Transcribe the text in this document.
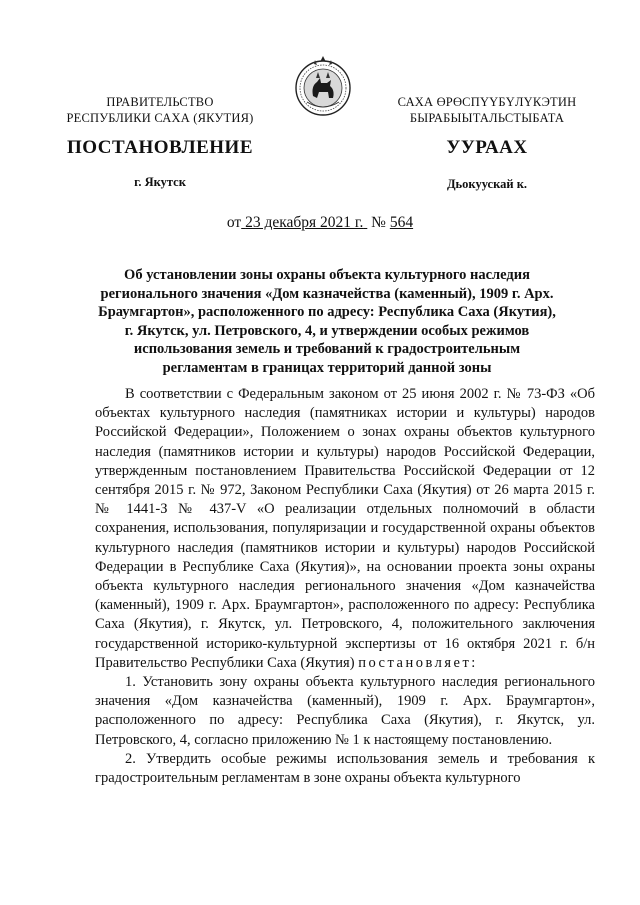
ПРАВИТЕЛЬСТВО
РЕСПУБЛИКИ САХА (ЯКУТИЯ)
САХА ӨРӨСПҮҮБҮЛҮКЭТИН
БЫРАБЫЫТАЛЬСТЫБАТА
ПОСТАНОВЛЕНИЕ	УУРААХ
г. Якутск	Дьокуускай к.
от 23 декабря 2021 г. № 564
Об установлении зоны охраны объекта культурного наследия регионального значения «Дом казначейства (каменный), 1909 г. Арх. Браумгартон», расположенного по адресу: Республика Саха (Якутия), г. Якутск, ул. Петровского, 4, и утверждении особых режимов использования земель и требований к градостроительным регламентам в границах территорий данной зоны

В соответствии с Федеральным законом от 25 июня 2002 г. № 73-ФЗ «Об объектах культурного наследия (памятниках истории и культуры) народов Российской Федерации», Положением о зонах охраны объектов культурного наследия (памятников истории и культуры) народов Российской Федерации, утвержденным постановлением Правительства Российской Федерации от 12 сентября 2015 г. № 972, Законом Республики Саха (Якутия) от 26 марта 2015 г. № 1441-З № 437-V «О реализации отдельных полномочий в области сохранения, использования, популяризации и государственной охраны объектов культурного наследия (памятников истории и культуры) народов Российской Федерации в Республике Саха (Якутия)», на основании проекта зоны охраны объекта культурного наследия регионального значения «Дом казначейства (каменный), 1909 г. Арх. Браумгартон», расположенного по адресу: Республика Саха (Якутия), г. Якутск, ул. Петровского, 4, положительного заключения государственной историко-культурной экспертизы от 16 октября 2021 г. б/н Правительство Республики Саха (Якутия) постановляет:

1. Установить зону охраны объекта культурного наследия регионального значения «Дом казначейства (каменный), 1909 г. Арх. Браумгартон», расположенного по адресу: Республика Саха (Якутия), г. Якутск, ул. Петровского, 4, согласно приложению № 1 к настоящему постановлению.

2. Утвердить особые режимы использования земель и требования к градостроительным регламентам в зоне охраны объекта культурного
